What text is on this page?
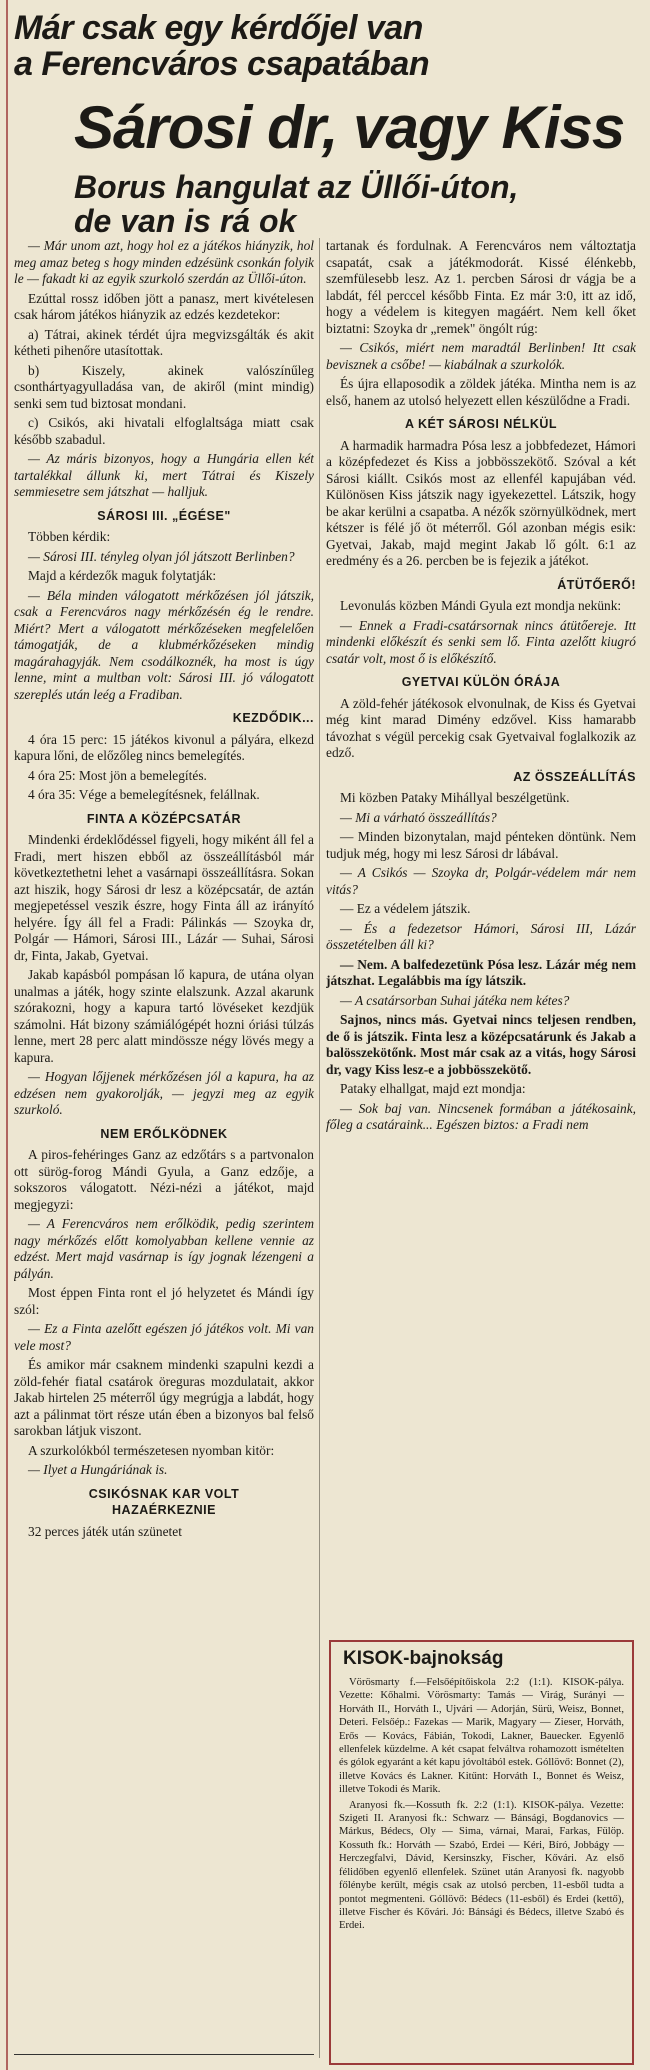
Már csak egy kérdőjel van
a Ferencváros csapatában
Sárosi dr, vagy Kiss
Borus hangulat az Üllői-úton,
de van is rá ok

— Már unom azt, hogy hol ez a játékos hiányzik, hol meg amaz beteg s hogy minden edzésünk csonkán folyik le — fakadt ki az egyik szurkoló szerdán az Üllői-úton.

Ezúttal rossz időben jött a panasz, mert kivételesen csak három játékos hiányzik az edzés kezdetekor:

a) Tátrai, akinek térdét újra megvizsgálták és akit kétheti pihenőre utasítottak.

b) Kiszely, akinek valószínűleg csonthártyagyulladása van, de akiről (mint mindig) senki sem tud biztosat mondani.

c) Csikós, aki hivatali elfoglaltsága miatt csak később szabadul.

— Az máris bizonyos, hogy a Hungária ellen két tartalékkal állunk ki, mert Tátrai és Kiszely semmiesetre sem játszhat — halljuk.

SÁROSI III. „ÉGÉSE"

Többen kérdik:

— Sárosi III. tényleg olyan jól játszott Berlinben?

Majd a kérdezők maguk folytatják:

— Béla minden válogatott mérkőzésen jól játszik, csak a Ferencváros nagy mérkőzésén ég le rendre. Miért? Mert a válogatott mérkőzéseken megfelelően támogatják, de a klubmérkőzéseken mindig magárahagyják. Nem csodálkoznék, ha most is úgy lenne, mint a multban volt: Sárosi III. jó válogatott szereplés után leég a Fradiban.

KEZDŐDIK...

4 óra 15 perc: 15 játékos kivonul a pályára, elkezd kapura lőni, de előzőleg nincs bemelegítés.

4 óra 25: Most jön a bemelegítés.

4 óra 35: Vége a bemelegítésnek, felállnak.

FINTA A KÖZÉPCSATÁR

Mindenki érdeklődéssel figyeli, hogy miként áll fel a Fradi, mert hiszen ebből az összeállításból már következtethetni lehet a vasárnapi összeállításra. Sokan azt hiszik, hogy Sárosi dr lesz a középcsatár, de aztán megjepetéssel veszik észre, hogy Finta áll az irányító helyére. Így áll fel a Fradi: Pálinkás — Szoyka dr, Polgár — Hámori, Sárosi III., Lázár — Suhai, Sárosi dr, Finta, Jakab, Gyetvai.

Jakab kapásból pompásan lő kapura, de utána olyan unalmas a játék, hogy szinte elalszunk. Azzal akarunk szórakozni, hogy a kapura tartó lövéseket kezdjük számolni. Hát bizony számiálógépét hozni óriási túlzás lenne, mert 28 perc alatt mindössze négy lövés megy a kapura.

— Hogyan lőjjenek mérkőzésen jól a kapura, ha az edzésen nem gyakorolják, — jegyzi meg az egyik szurkoló.

NEM ERŐLKÖDNEK

A piros-fehéringes Ganz az edzőtárs s a partvonalon ott sürög-forog Mándi Gyula, a Ganz edzője, a sokszoros válogatott. Nézi-nézi a játékot, majd megjegyzi:

— A Ferencváros nem erőlködik, pedig szerintem nagy mérkőzés előtt komolyabban kellene vennie az edzést. Mert majd vasárnap is így jognak lézengeni a pályán.

Most éppen Finta ront el jó helyzetet és Mándi így szól:

— Ez a Finta azelőtt egészen jó játékos volt. Mi van vele most?

És amikor már csaknem mindenki szapulni kezdi a zöld-fehér fiatal csatárok öreguras mozdulatait, akkor Jakab hirtelen 25 méterről úgy megrúgja a labdát, hogy azt a pálinmat tört része után ében a bizonyos bal felső sarokban látjuk viszont.

A szurkolókból természetesen nyomban kitör:

— Ilyet a Hungáriának is.

CSIKÓSNAK KAR VOLT
HAZAÉRKEZNIE

32 perces játék után szünetet

tartanak és fordulnak. A Ferencváros nem változtatja csapatát, csak a játékmodorát. Kissé élénkebb, szemfülesebb lesz. Az 1. percben Sárosi dr vágja be a labdát, fél perccel később Finta. Ez már 3:0, itt az idő, hogy a védelem is kitegyen magáért. Nem kell őket biztatni: Szoyka dr „remek" öngólt rúg:

— Csikós, miért nem maradtál Berlinben! Itt csak bevisznek a csőbe! — kiabálnak a szurkolók.

És újra ellaposodik a zöldek játéka. Mintha nem is az első, hanem az utolsó helyezett ellen készülődne a Fradi.

A KÉT SÁROSI NÉLKÜL

A harmadik harmadra Pósa lesz a jobbfedezet, Hámori a középfedezet és Kiss a jobbösszekötő. Szóval a két Sárosi kiállt. Csikós most az ellenfél kapujában véd. Különösen Kiss játszik nagy igyekezettel. Látszik, hogy be akar kerülni a csapatba. A nézők szörnyülködnek, mert kétszer is félé jő öt méterről. Gól azonban mégis esik: Gyetvai, Jakab, majd megint Jakab lő gólt. 6:1 az eredmény és a 26. percben be is fejezik a játékot.

ÁTÜTŐERŐ!

Levonulás közben Mándi Gyula ezt mondja nekünk:

— Ennek a Fradi-csatársornak nincs átütőereje. Itt mindenki előkészít és senki sem lő. Finta azelőtt kiugró csatár volt, most ő is előkészítő.

GYETVAI KÜLÖN ÓRÁJA

A zöld-fehér játékosok elvonulnak, de Kiss és Gyetvai még kint marad Dimény edzővel. Kiss hamarabb távozhat s végül percekig csak Gyetvaival foglalkozik az edző.

AZ ÖSSZEÁLLÍTÁS

Mi közben Pataky Mihállyal beszélgetünk.

— Mi a várható összeállítás?

— Minden bizonytalan, majd pénteken döntünk. Nem tudjuk még, hogy mi lesz Sárosi dr lábával.

— A Csikós — Szoyka dr, Polgár-védelem már nem vitás?

— Ez a védelem játszik.

— És a fedezetsor Hámori, Sárosi III, Lázár összetételben áll ki?

— Nem. A balfedezetünk Pósa lesz. Lázár még nem játszhat. Legalábbis ma így látszik.

— A csatársorban Suhai játéka nem kétes?

Sajnos, nincs más. Gyetvai nincs teljesen rendben, de ő is játszik. Finta lesz a középcsatárunk és Jakab a balösszekötőnk. Most már csak az a vitás, hogy Sárosi dr, vagy Kiss lesz-e a jobbösszekötő.

Pataky elhallgat, majd ezt mondja:

— Sok baj van. Nincsenek formában a játékosaink, főleg a csatáraink... Egészen biztos: a Fradi nem

KISOK-bajnokság

Vörösmarty f.—Felsőépítőiskola 2:2 (1:1). KISOK-pálya. Vezette: Kőhalmi. Vörösmarty: Tamás — Virág, Surányi — Horváth II., Horváth I., Ujvári — Adorján, Sürü, Weisz, Bonnet, Deteri. Felsőép.: Fazekas — Marik, Magyary — Zieser, Horváth, Erős — Kovács, Fábián, Tokodi, Lakner, Bauecker. Egyenlő ellenfelek küzdelme. A két csapat felváltva rohamozott ismételten és gólok egyaránt a két kapu jóvoltából estek. Góllövő: Bonnet (2), illetve Kovács és Lakner. Kitűnt: Horváth I., Bonnet és Weisz, illetve Tokodi és Marik.

Aranyosi fk.—Kossuth fk. 2:2 (1:1). KISOK-pálya. Vezette: Szigeti II. Aranyosi fk.: Schwarz — Bánsági, Bogdanovics — Márkus, Bédecs, Oly — Sima, várnai, Marai, Farkas, Fülöp. Kossuth fk.: Horváth — Szabó, Erdei — Kéri, Bíró, Jobbágy — Herczegfalvi, Dávid, Kersinszky, Fischer, Kővári. Az első félidőben egyenlő ellenfelek. Szünet után Aranyosi fk. nagyobb főlénybe került, mégis csak az utolsó percben, 11-esből tudta a pontot megmenteni. Góllövő: Bédecs (11-esből) és Erdei (kettő), illetve Fischer és Kővári. Jó: Bánsági és Bédecs, illetve Szabó és Erdei.
